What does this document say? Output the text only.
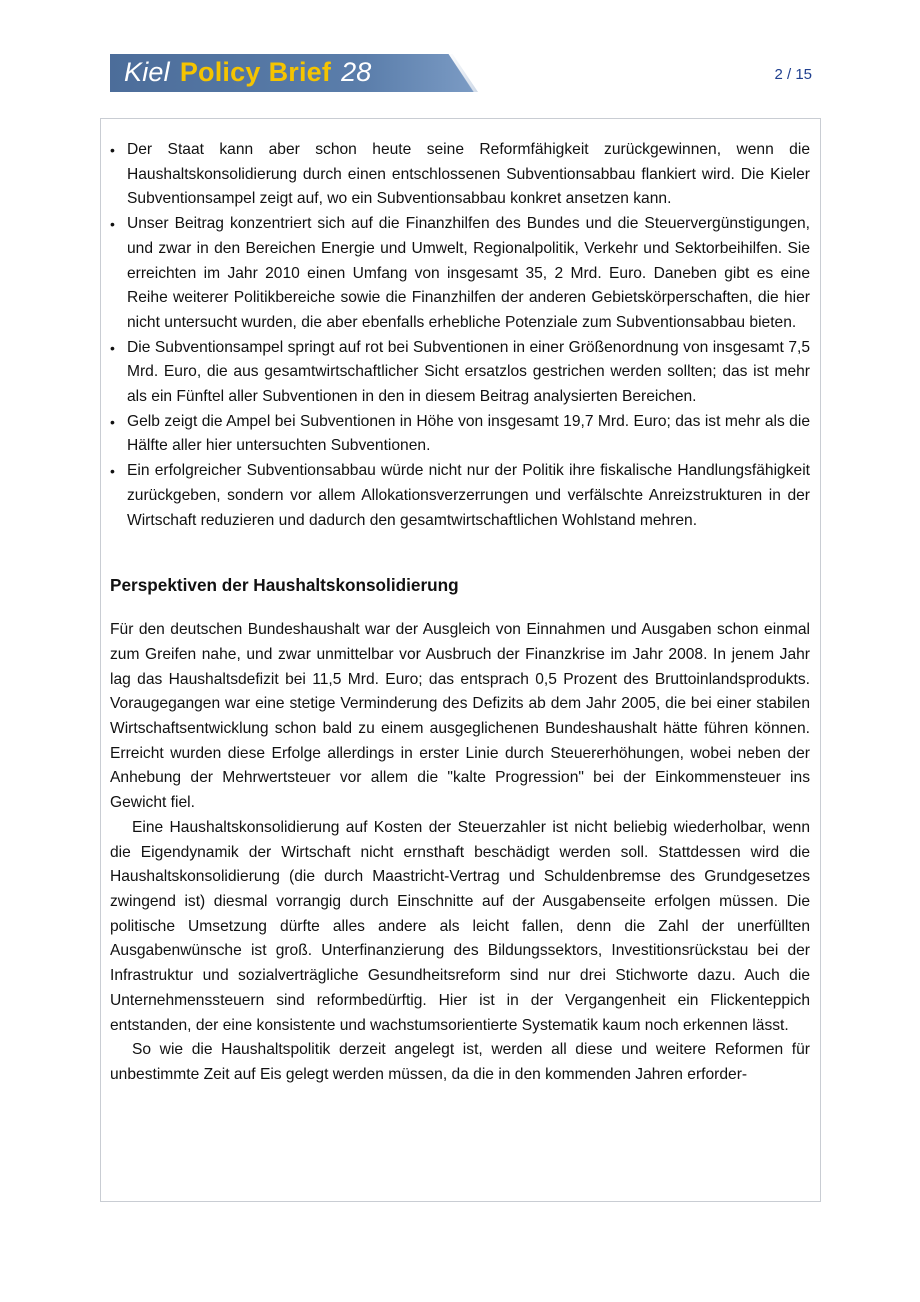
Kiel Policy Brief 28	2 / 15
• Der Staat kann aber schon heute seine Reformfähigkeit zurückgewinnen, wenn die Haushaltskonsolidierung durch einen entschlossenen Subventionsabbau flankiert wird. Die Kieler Subventionsampel zeigt auf, wo ein Subventionsabbau konkret ansetzen kann.
• Unser Beitrag konzentriert sich auf die Finanzhilfen des Bundes und die Steuervergünstigungen, und zwar in den Bereichen Energie und Umwelt, Regionalpolitik, Verkehr und Sektorbeihilfen. Sie erreichten im Jahr 2010 einen Umfang von insgesamt 35, 2 Mrd. Euro. Daneben gibt es eine Reihe weiterer Politikbereiche sowie die Finanzhilfen der anderen Gebietskörperschaften, die hier nicht untersucht wurden, die aber ebenfalls erhebliche Potenziale zum Subventionsabbau bieten.
• Die Subventionsampel springt auf rot bei Subventionen in einer Größenordnung von insgesamt 7,5 Mrd. Euro, die aus gesamtwirtschaftlicher Sicht ersatzlos gestrichen werden sollten; das ist mehr als ein Fünftel aller Subventionen in den in diesem Beitrag analysierten Bereichen.
• Gelb zeigt die Ampel bei Subventionen in Höhe von insgesamt 19,7 Mrd. Euro; das ist mehr als die Hälfte aller hier untersuchten Subventionen.
• Ein erfolgreicher Subventionsabbau würde nicht nur der Politik ihre fiskalische Handlungsfähigkeit zurückgeben, sondern vor allem Allokationsverzerrungen und verfälschte Anreizstrukturen in der Wirtschaft reduzieren und dadurch den gesamtwirtschaftlichen Wohlstand mehren.
Perspektiven der Haushaltskonsolidierung

Für den deutschen Bundeshaushalt war der Ausgleich von Einnahmen und Ausgaben schon einmal zum Greifen nahe, und zwar unmittelbar vor Ausbruch der Finanzkrise im Jahr 2008. In jenem Jahr lag das Haushaltsdefizit bei 11,5 Mrd. Euro; das entsprach 0,5 Prozent des Bruttoinlandsprodukts. Voraugegangen war eine stetige Verminderung des Defizits ab dem Jahr 2005, die bei einer stabilen Wirtschaftsentwicklung schon bald zu einem ausgeglichenen Bundeshaushalt hätte führen können. Erreicht wurden diese Erfolge allerdings in erster Linie durch Steuererhöhungen, wobei neben der Anhebung der Mehrwertsteuer vor allem die "kalte Progression" bei der Einkommensteuer ins Gewicht fiel.

Eine Haushaltskonsolidierung auf Kosten der Steuerzahler ist nicht beliebig wiederholbar, wenn die Eigendynamik der Wirtschaft nicht ernsthaft beschädigt werden soll. Stattdessen wird die Haushaltskonsolidierung (die durch Maastricht-Vertrag und Schuldenbremse des Grundgesetzes zwingend ist) diesmal vorrangig durch Einschnitte auf der Ausgabenseite erfolgen müssen. Die politische Umsetzung dürfte alles andere als leicht fallen, denn die Zahl der unerfüllten Ausgabenwünsche ist groß. Unterfinanzierung des Bildungssektors, Investitionsrückstau bei der Infrastruktur und sozialverträgliche Gesundheitsreform sind nur drei Stichworte dazu. Auch die Unternehmenssteuern sind reformbedürftig. Hier ist in der Vergangenheit ein Flickenteppich entstanden, der eine konsistente und wachstumsorientierte Systematik kaum noch erkennen lässt.

So wie die Haushaltspolitik derzeit angelegt ist, werden all diese und weitere Reformen für unbestimmte Zeit auf Eis gelegt werden müssen, da die in den kommenden Jahren erforder-
